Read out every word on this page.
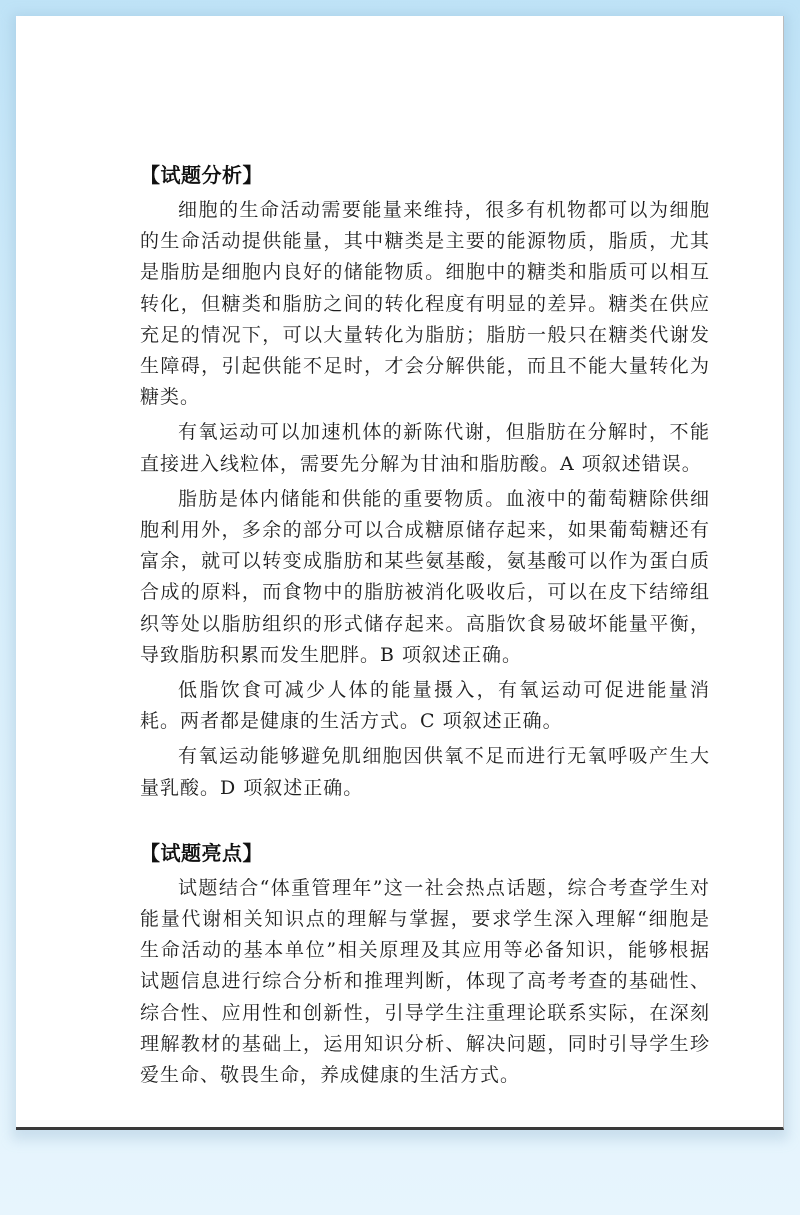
【试题分析】

细胞的生命活动需要能量来维持，很多有机物都可以为细胞的生命活动提供能量，其中糖类是主要的能源物质，脂质，尤其是脂肪是细胞内良好的储能物质。细胞中的糖类和脂质可以相互转化，但糖类和脂肪之间的转化程度有明显的差异。糖类在供应充足的情况下，可以大量转化为脂肪；脂肪一般只在糖类代谢发生障碍，引起供能不足时，才会分解供能，而且不能大量转化为糖类。

有氧运动可以加速机体的新陈代谢，但脂肪在分解时，不能直接进入线粒体，需要先分解为甘油和脂肪酸。A 项叙述错误。

脂肪是体内储能和供能的重要物质。血液中的葡萄糖除供细胞利用外，多余的部分可以合成糖原储存起来，如果葡萄糖还有富余，就可以转变成脂肪和某些氨基酸，氨基酸可以作为蛋白质合成的原料，而食物中的脂肪被消化吸收后，可以在皮下结缔组织等处以脂肪组织的形式储存起来。高脂饮食易破坏能量平衡，导致脂肪积累而发生肥胖。B 项叙述正确。

低脂饮食可减少人体的能量摄入，有氧运动可促进能量消耗。两者都是健康的生活方式。C 项叙述正确。

有氧运动能够避免肌细胞因供氧不足而进行无氧呼吸产生大量乳酸。D 项叙述正确。

【试题亮点】

试题结合“体重管理年”这一社会热点话题，综合考查学生对能量代谢相关知识点的理解与掌握，要求学生深入理解“细胞是生命活动的基本单位”相关原理及其应用等必备知识，能够根据试题信息进行综合分析和推理判断，体现了高考考查的基础性、综合性、应用性和创新性，引导学生注重理论联系实际，在深刻理解教材的基础上，运用知识分析、解决问题，同时引导学生珍爱生命、敬畏生命，养成健康的生活方式。
